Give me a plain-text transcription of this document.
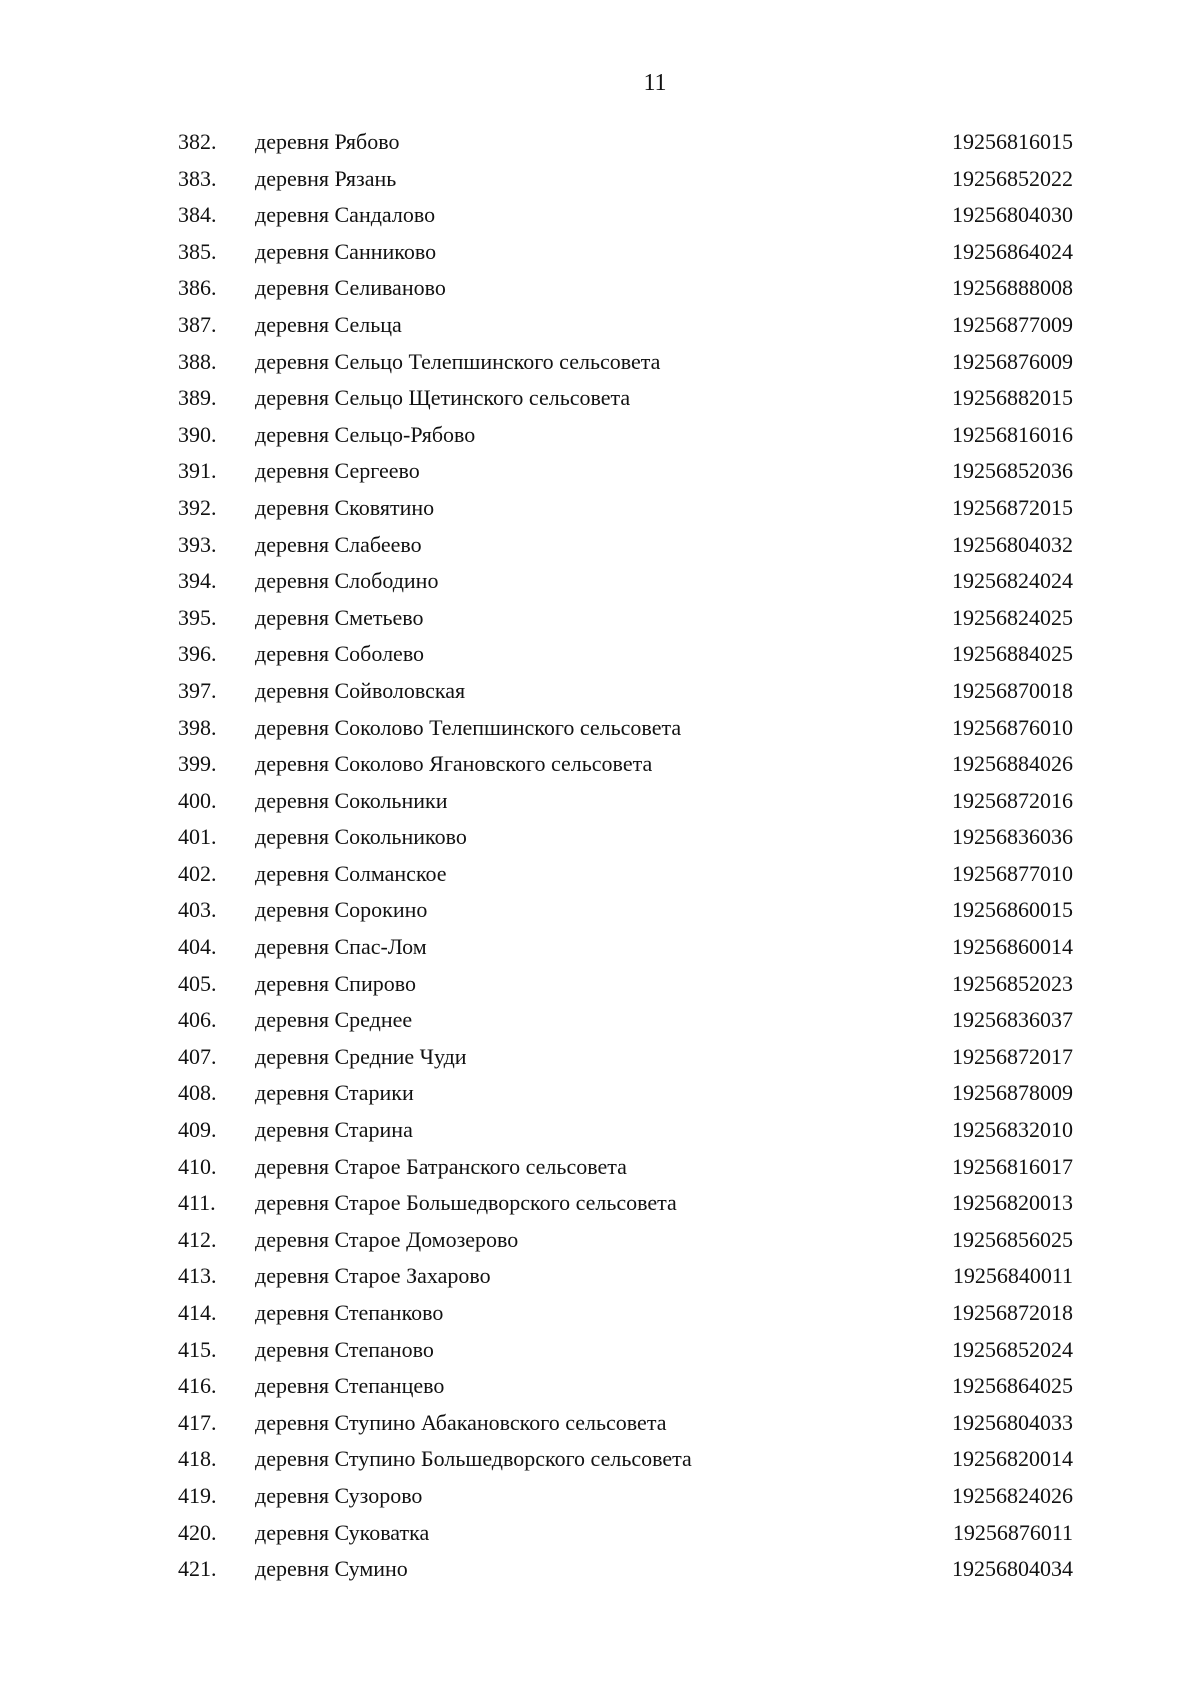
11
382. деревня Рябово	19256816015
383. деревня Рязань	19256852022
384. деревня Сандалово	19256804030
385. деревня Санниково	19256864024
386. деревня Селиваново	19256888008
387. деревня Сельца	19256877009
388. деревня Сельцо Телепшинского сельсовета	19256876009
389. деревня Сельцо Щетинского сельсовета	19256882015
390. деревня Сельцо-Рябово	19256816016
391. деревня Сергеево	19256852036
392. деревня Сковятино	19256872015
393. деревня Слабеево	19256804032
394. деревня Слободино	19256824024
395. деревня Сметьево	19256824025
396. деревня Соболево	19256884025
397. деревня Сойволовская	19256870018
398. деревня Соколово Телепшинского сельсовета	19256876010
399. деревня Соколово Ягановского сельсовета	19256884026
400. деревня Сокольники	19256872016
401. деревня Сокольниково	19256836036
402. деревня Солманское	19256877010
403. деревня Сорокино	19256860015
404. деревня Спас-Лом	19256860014
405. деревня Спирово	19256852023
406. деревня Среднее	19256836037
407. деревня Средние Чуди	19256872017
408. деревня Старики	19256878009
409. деревня Старина	19256832010
410. деревня Старое Батранского сельсовета	19256816017
411. деревня Старое Большедворского сельсовета	19256820013
412. деревня Старое Домозерово	19256856025
413. деревня Старое Захарово	19256840011
414. деревня Степанково	19256872018
415. деревня Степаново	19256852024
416. деревня Степанцево	19256864025
417. деревня Ступино Абакановского сельсовета	19256804033
418. деревня Ступино Большедворского сельсовета	19256820014
419. деревня Сузорово	19256824026
420. деревня Суковатка	19256876011
421. деревня Сумино	19256804034
